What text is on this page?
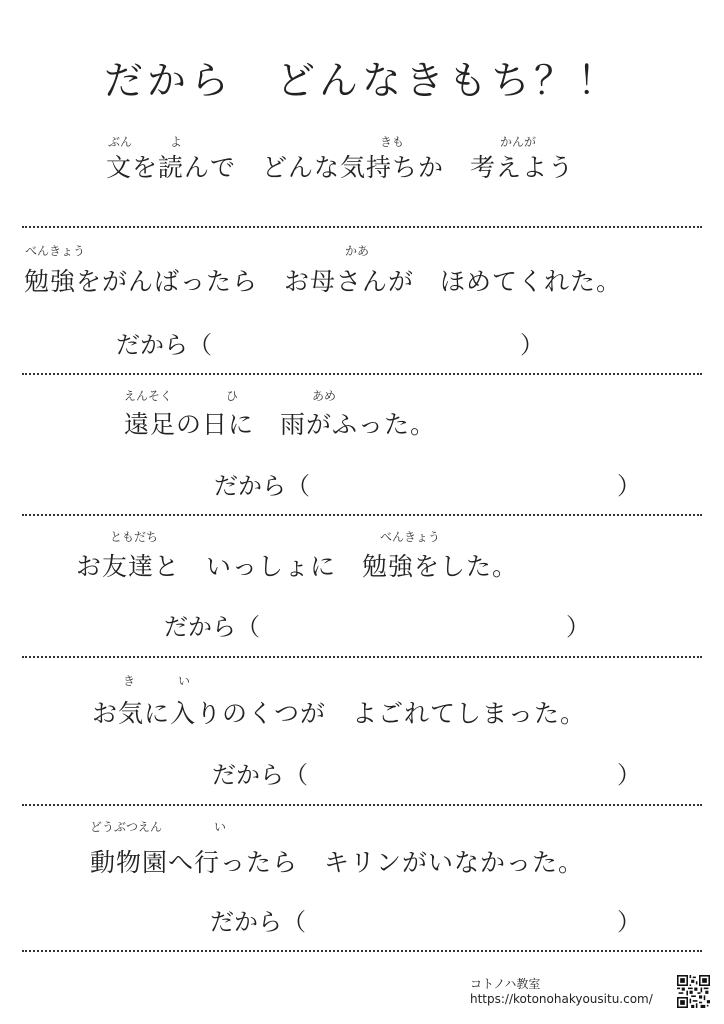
だから　どんなきもち？！
ぶん	よ	きも	かんが
文を読んで　どんな気持ちか　考えよう
べんきょう	かあ
勉強をがんばったら　お母さんが　ほめてくれた。
だから（	）
えんそく	ひ	あめ
遠足の日に　雨がふった。
だから（	）
ともだち	べんきょう
お友達と　いっしょに　勉強をした。
だから（	）
き	い
お気に入りのくつが　よごれてしまった。
だから（	）
どうぶつえん	い
動物園へ行ったら　キリンがいなかった。
だから（	）
コトノハ教室
https://kotonohakyousitu.com/
